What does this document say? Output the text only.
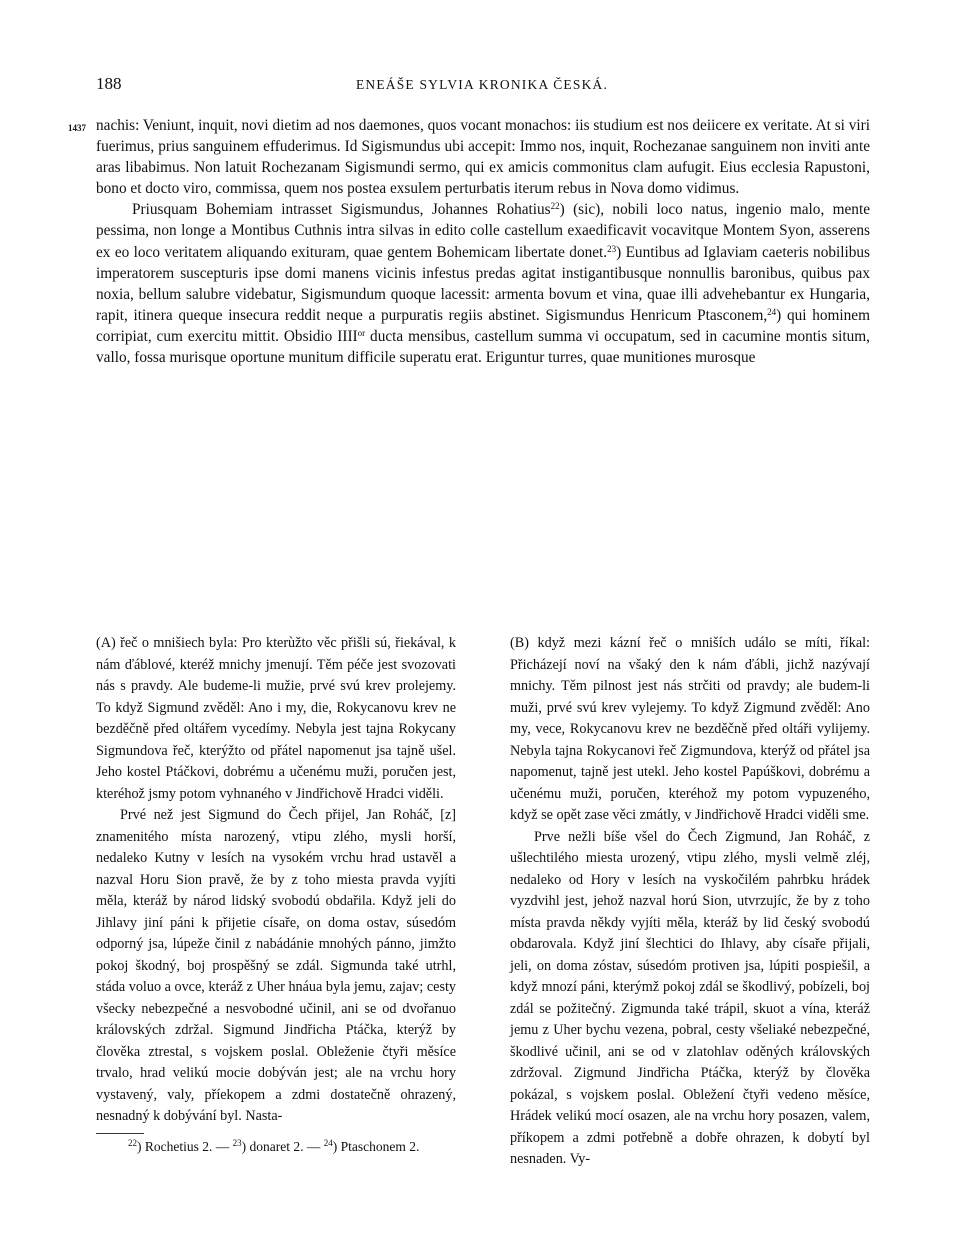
188	ENEÁŠE SYLVIA KRONIKA ČESKÁ.
1437 nachis: Veniunt, inquit, novi dietim ad nos daemones, quos vocant monachos: iis studium est nos deiicere ex veritate. At si viri fuerimus, prius sanguinem effuderimus. Id Sigismundus ubi accepit: Immo nos, inquit, Rochezanae sanguinem non inviti ante aras libabimus. Non latuit Rochezanam Sigismundi sermo, qui ex amicis commonitus clam aufugit. Eius ecclesia Rapustoni, bono et docto viro, commissa, quem nos postea exsulem perturbatis iterum rebus in Nova domo vidimus.

Priusquam Bohemiam intrasset Sigismundus, Johannes Rohatius$^{22}$) (sic), nobili loco natus, ingenio malo, mente pessima, non longe a Montibus Cuthnis intra silvas in edito colle castellum exaedificavit vocavitque Montem Syon, asserens ex eo loco veritatem aliquando exituram, quae gentem Bohemicam libertate donet.$^{23}$) Euntibus ad Iglaviam caeteris nobilibus imperatorem suscepturis ipse domi manens vicinis infestus predas agitat instigantibusque nonnullis baronibus, quibus pax noxia, bellum salubre videbatur, Sigismundum quoque lacessit: armenta bovum et vina, quae illi advehebantur ex Hungaria, rapit, itinera queque insecura reddit neque a purpuratis regiis abstinet. Sigismundus Henricum Ptasconem,$^{24}$) qui hominem corripiat, cum exercitu mittit. Obsidio $IIII^{or}$ ducta mensibus, castellum summa vi occupatum, sed in cacumine montis situm, vallo, fossa murisque oportune munitum difficile superatu erat. Eriguntur turres, quae munitiones murosque

(A) řeč o mnišiech byla: Pro kterùžto věc přišli sú, řiekával, k nám ďáblové, kteréž mnichy jmenují. Těm péče jest svozovati nás s pravdy. Ale budeme-li mužie, prvé svú krev prolejemy. To když Sigmund zvěděl: Ano i my, die, Rokycanovu krev ne bezděčně před oltářem vycedímy. Nebyla jest tajna Rokycany Sigmundova řeč, kterýžto od přátel napomenut jsa tajně ušel. Jeho kostel Ptáčkovi, dobrému a učenému muži, poručen jest, kteréhož jsmy potom vyhnaného v Jindřichově Hradci viděli.

Prvé než jest Sigmund do Čech přijel, Jan Roháč, [z] znamenitého místa narozený, vtipu zlého, mysli horší, nedaleko Kutny v lesích na vysokém vrchu hrad ustavěl a nazval Horu Sion pravě, že by z toho miesta pravda vyjíti měla, kteráž by národ lidský svobodú obdařila. Když jeli do Jihlavy jiní páni k přijetie císaře, on doma ostav, súsedóm odporný jsa, lúpeže činil z nabádánie mnohých pánno, jimžto pokoj škodný, boj prospěšný se zdál. Sigmunda také utrhl, stáda voluo a ovce, kteráž z Uher hnáua byla jemu, zajav; cesty všecky nebezpečné a nesvobodné učinil, ani se od dvořanuo královských zdržal. Sigmund Jindřicha Ptáčka, kterýž by člověka ztrestal, s vojskem poslal. Obleženie čtyři měsíce trvalo, hrad velikú mocie dobýván jest; ale na vrchu hory vystavený, valy, příekopem a zdmi dostatečně ohrazený, nesnadný k dobývání byl. Nasta-

(B) když mezi kázní řeč o mniších událo se míti, říkal: Přicházejí noví na všaký den k nám ďábli, jichž nazývají mnichy. Těm pilnost jest nás strčiti od pravdy; ale budem-li muži, prvé svú krev vylejemy. To když Zigmund zvěděl: Ano my, vece, Rokycanovu krev ne bezděčně před oltáři vylijemy. Nebyla tajna Rokycanovi řeč Zigmundova, kterýž od přátel jsa napomenut, tajně jest utekl. Jeho kostel Papúškovi, dobrému a učenému muži, poručen, kteréhož my potom vypuzeného, když se opět zase věci zmátly, v Jindřichově Hradci viděli sme.

Prve nežli bíše všel do Čech Zigmund, Jan Roháč, z ušlechtilého miesta urozený, vtipu zlého, mysli velmě zléj, nedaleko od Hory v lesích na vyskočilém pahrbku hrádek vyzdvihl jest, jehož nazval horú Sion, utvrzujíc, že by z toho místa pravda někdy vyjíti měla, kteráž by lid český svobodú obdarovala. Když jiní šlechtici do Ihlavy, aby císaře přijali, jeli, on doma zóstav, súsedóm protiven jsa, lúpiti pospiešil, a když mnozí páni, kterýmž pokoj zdál se škodlivý, pobízeli, boj zdál se požitečný. Zigmunda také trápil, skuot a vína, kteráž jemu z Uher bychu vezena, pobral, cesty všeliaké nebezpečné, škodlivé učinil, ani se od v zlatohlav oděných královských zdržoval. Zigmund Jindřicha Ptáčka, kterýž by člověka pokázal, s vojskem poslal. Obležení čtyři vedeno měsíce, Hrádek velikú mocí osazen, ale na vrchu hory posazen, valem, příkopem a zdmi potřebně a dobře ohrazen, k dobytí byl nesnaden. Vy-

$^{22}$) Rochetius 2. — $^{23}$) donaret 2. — $^{24}$) Ptaschonem 2.
